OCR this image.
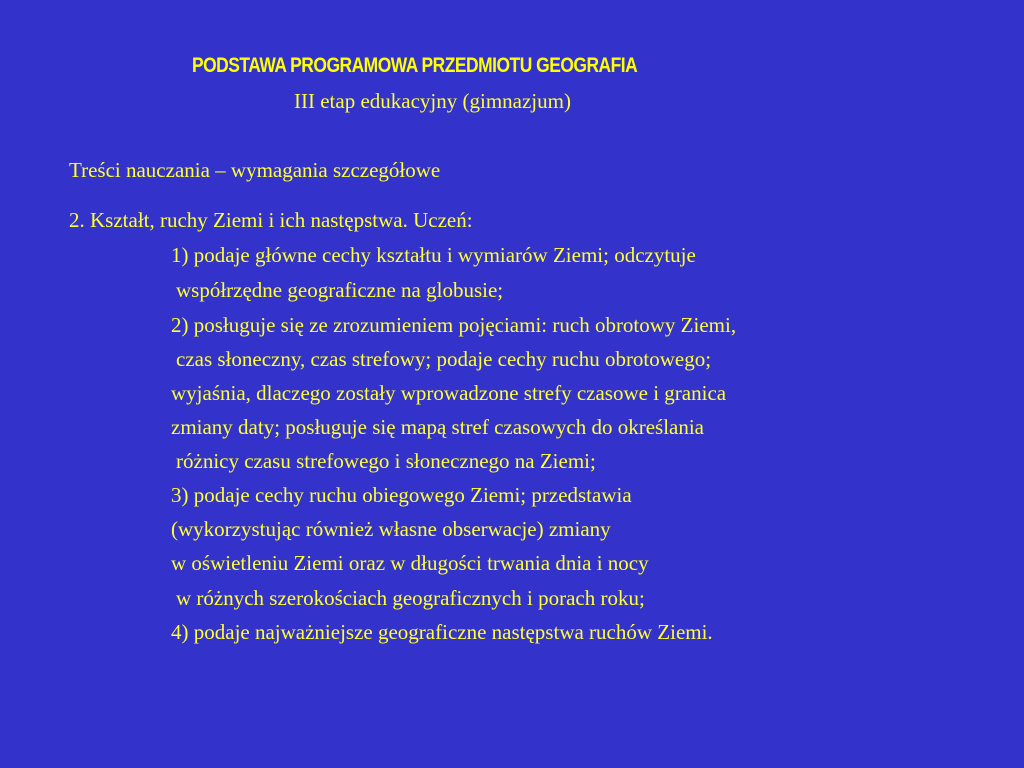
PODSTAWA PROGRAMOWA PRZEDMIOTU GEOGRAFIA
III etap edukacyjny (gimnazjum)
Treści nauczania – wymagania szczegółowe
2. Kształt, ruchy Ziemi i ich następstwa. Uczeń:
1) podaje główne cechy kształtu i wymiarów Ziemi; odczytuje
współrzędne geograficzne na globusie;
2) posługuje się ze zrozumieniem pojęciami: ruch obrotowy Ziemi,
czas słoneczny, czas strefowy; podaje cechy ruchu obrotowego;
wyjaśnia, dlaczego zostały wprowadzone strefy czasowe i granica
zmiany daty; posługuje się mapą stref czasowych do określania
różnicy czasu strefowego i słonecznego na Ziemi;
3) podaje cechy ruchu obiegowego Ziemi; przedstawia
(wykorzystując również własne obserwacje) zmiany
w oświetleniu Ziemi oraz w długości trwania dnia i nocy
w różnych szerokościach geograficznych i porach roku;
4) podaje najważniejsze geograficzne następstwa ruchów Ziemi.
